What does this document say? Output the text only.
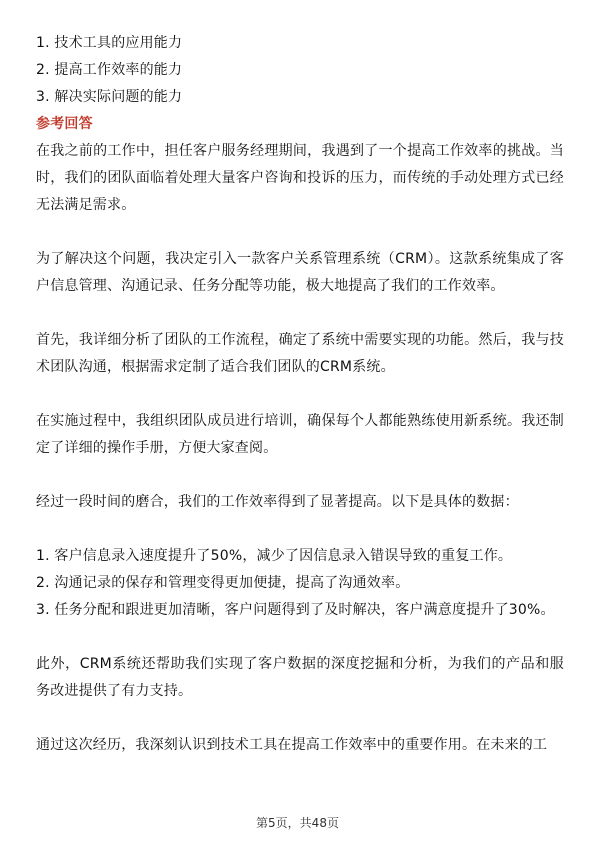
1. 技术工具的应用能力

2. 提高工作效率的能力

3. 解决实际问题的能力

参考回答

在我之前的工作中，担任客户服务经理期间，我遇到了一个提高工作效率的挑战。当时，我们的团队面临着处理大量客户咨询和投诉的压力，而传统的手动处理方式已经无法满足需求。

为了解决这个问题，我决定引入一款客户关系管理系统（CRM）。这款系统集成了客户信息管理、沟通记录、任务分配等功能，极大地提高了我们的工作效率。

首先，我详细分析了团队的工作流程，确定了系统中需要实现的功能。然后，我与技术团队沟通，根据需求定制了适合我们团队的CRM系统。

在实施过程中，我组织团队成员进行培训，确保每个人都能熟练使用新系统。我还制定了详细的操作手册，方便大家查阅。

经过一段时间的磨合，我们的工作效率得到了显著提高。以下是具体的数据：

1. 客户信息录入速度提升了50%，减少了因信息录入错误导致的重复工作。

2. 沟通记录的保存和管理变得更加便捷，提高了沟通效率。

3. 任务分配和跟进更加清晰，客户问题得到了及时解决，客户满意度提升了30%。

此外，CRM系统还帮助我们实现了客户数据的深度挖掘和分析，为我们的产品和服务改进提供了有力支持。

通过这次经历，我深刻认识到技术工具在提高工作效率中的重要作用。在未来的工

第5页，共48页
